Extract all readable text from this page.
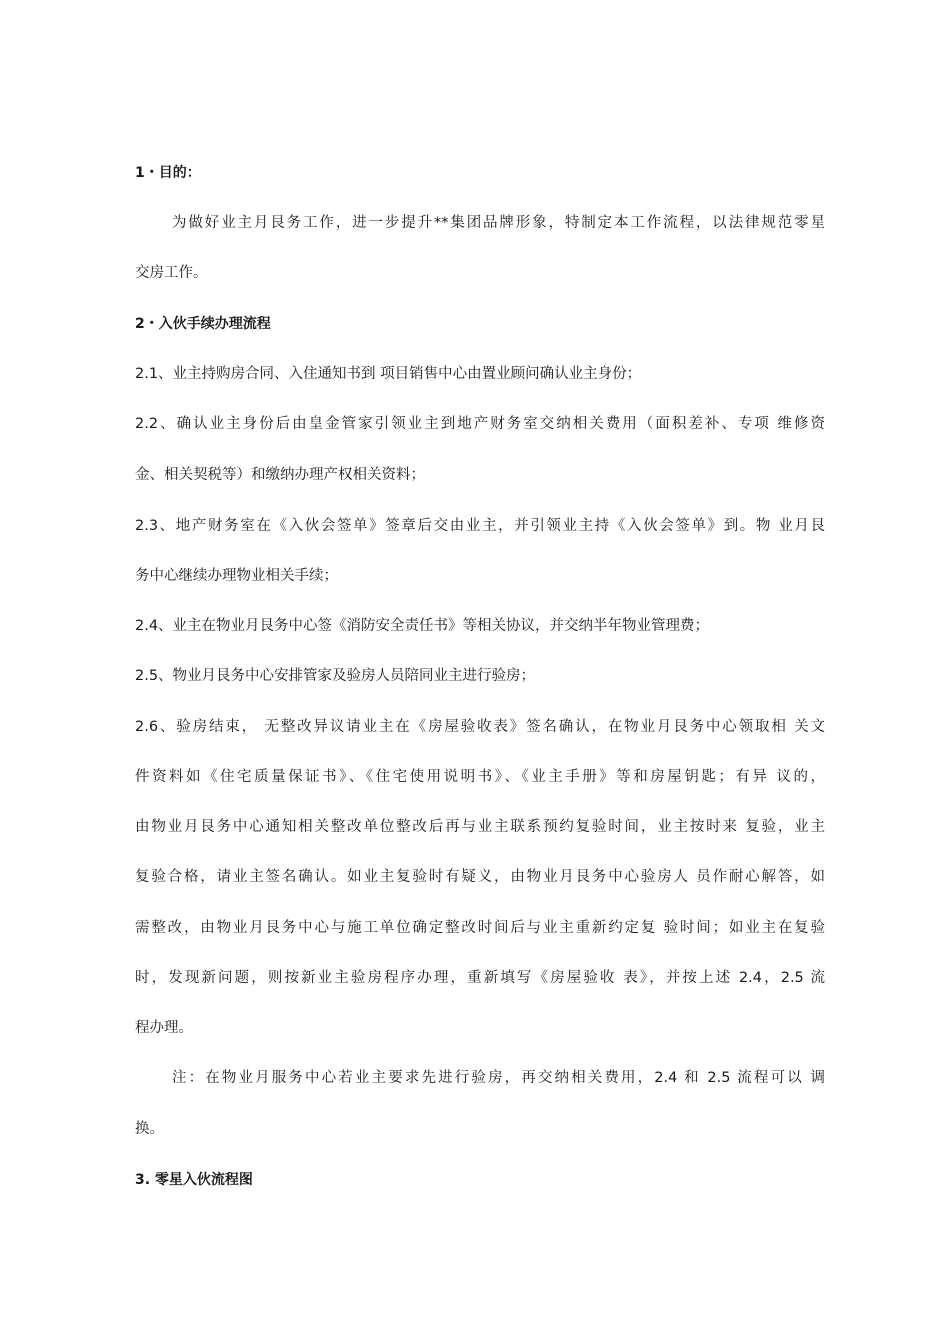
1・目的：
为做好业主月艮务工作，进一步提升**集团品牌形象，特制定本工作流程，以法律规范零星
交房工作。
2・入伙手续办理流程
2.1、业主持购房合同、入住通知书到 项目销售中心由置业顾问确认业主身份；
2.2、确认业主身份后由皇金管家引领业主到地产财务室交纳相关费用（面积差补、专项 维修资
金、相关契税等）和缴纳办理产权相关资料；
2.3、地产财务室在《入伙会签单》签章后交由业主，并引领业主持《入伙会签单》到。物 业月艮
务中心继续办理物业相关手续；
2.4、业主在物业月艮务中心签《消防安全责任书》等相关协议，并交纳半年物业管理费；
2.5、物业月艮务中心安排管家及验房人员陪同业主进行验房；
2.6、验房结束， 无整改异议请业主在《房屋验收表》签名确认，在物业月艮务中心领取相 关文
件资料如《住宅质量保证书》、《住宅使用说明书》、《业主手册》等和房屋钥匙；有异 议的，
由物业月艮务中心通知相关整改单位整改后再与业主联系预约复验时间，业主按时来 复验，业主
复验合格，请业主签名确认。如业主复验时有疑义，由物业月艮务中心验房人 员作耐心解答，如
需整改，由物业月艮务中心与施工单位确定整改时间后与业主重新约定复 验时间；如业主在复验
时，发现新问题，则按新业主验房程序办理，重新填写《房屋验收 表》，并按上述 2.4，2.5 流
程办理。
注：在物业月服务中心若业主要求先进行验房，再交纳相关费用，2.4 和 2.5 流程可以 调
换。
3. 零星入伙流程图
